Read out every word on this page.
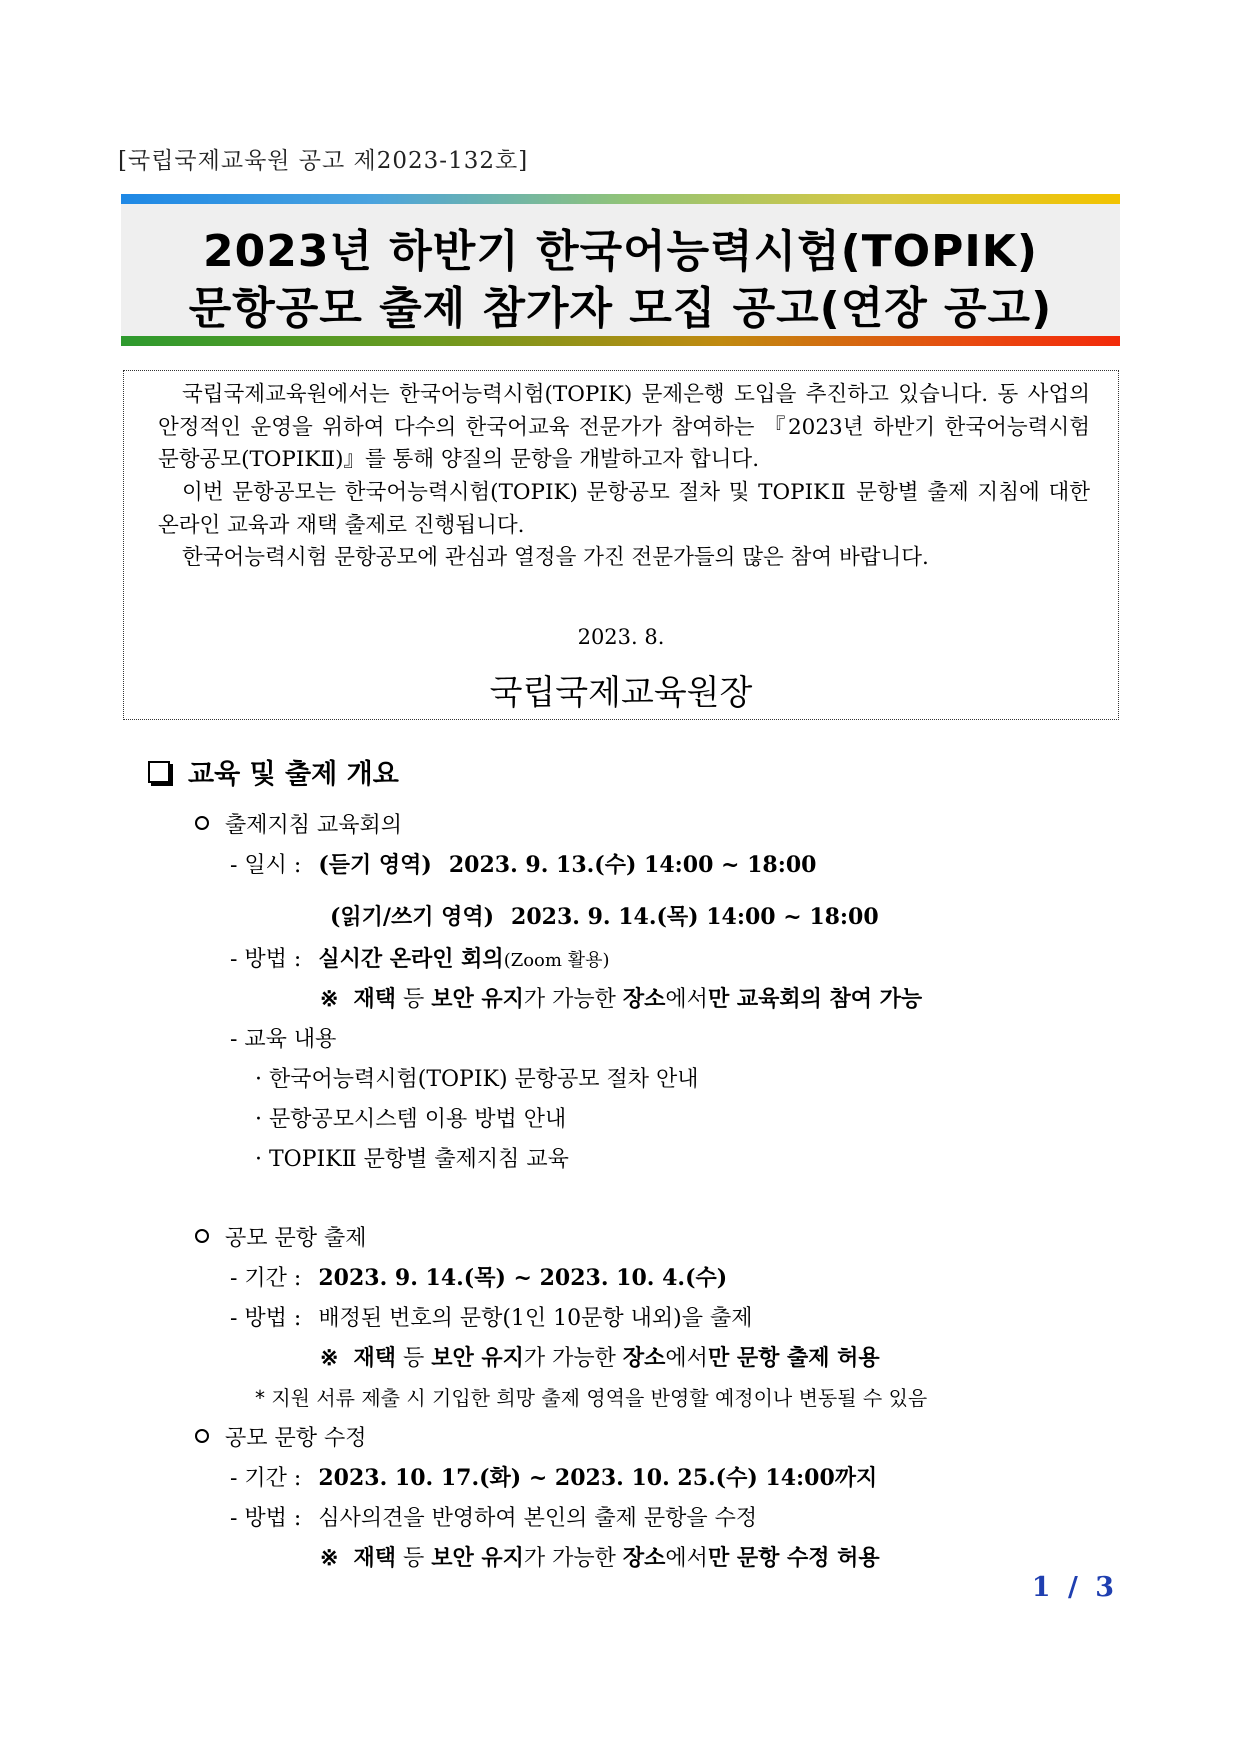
[국립국제교육원 공고 제2023-132호]
2023년 하반기 한국어능력시험(TOPIK)
문항공모 출제 참가자 모집 공고(연장 공고)

국립국제교육원에서는 한국어능력시험(TOPIK) 문제은행 도입을 추진하고 있습니다. 동 사업의 안정적인 운영을 위하여 다수의 한국어교육 전문가가 참여하는 『2023년 하반기 한국어능력시험 문항공모(TOPIKⅡ)』를 통해 양질의 문항을 개발하고자 합니다.

이번 문항공모는 한국어능력시험(TOPIK) 문항공모 절차 및 TOPIKⅡ 문항별 출제 지침에 대한 온라인 교육과 재택 출제로 진행됩니다.

한국어능력시험 문항공모에 관심과 열정을 가진 전문가들의 많은 참여 바랍니다.

2023. 8.
국립국제교육원장
교육 및 출제 개요
출제지침 교육회의
- 일시 : (듣기 영역) 2023. 9. 13.(수) 14:00 ~ 18:00
(읽기/쓰기 영역) 2023. 9. 14.(목) 14:00 ~ 18:00
- 방법 : 실시간 온라인 회의(Zoom 활용)
※ 재택 등 보안 유지가 가능한 장소에서만 교육회의 참여 가능
- 교육 내용
· 한국어능력시험(TOPIK) 문항공모 절차 안내
· 문항공모시스템 이용 방법 안내
· TOPIKⅡ 문항별 출제지침 교육
공모 문항 출제
- 기간 : 2023. 9. 14.(목) ~ 2023. 10. 4.(수)
- 방법 : 배정된 번호의 문항(1인 10문항 내외)을 출제
※ 재택 등 보안 유지가 가능한 장소에서만 문항 출제 허용
* 지원 서류 제출 시 기입한 희망 출제 영역을 반영할 예정이나 변동될 수 있음
공모 문항 수정
- 기간 : 2023. 10. 17.(화) ~ 2023. 10. 25.(수) 14:00까지
- 방법 : 심사의견을 반영하여 본인의 출제 문항을 수정
※ 재택 등 보안 유지가 가능한 장소에서만 문항 수정 허용
1 / 3
